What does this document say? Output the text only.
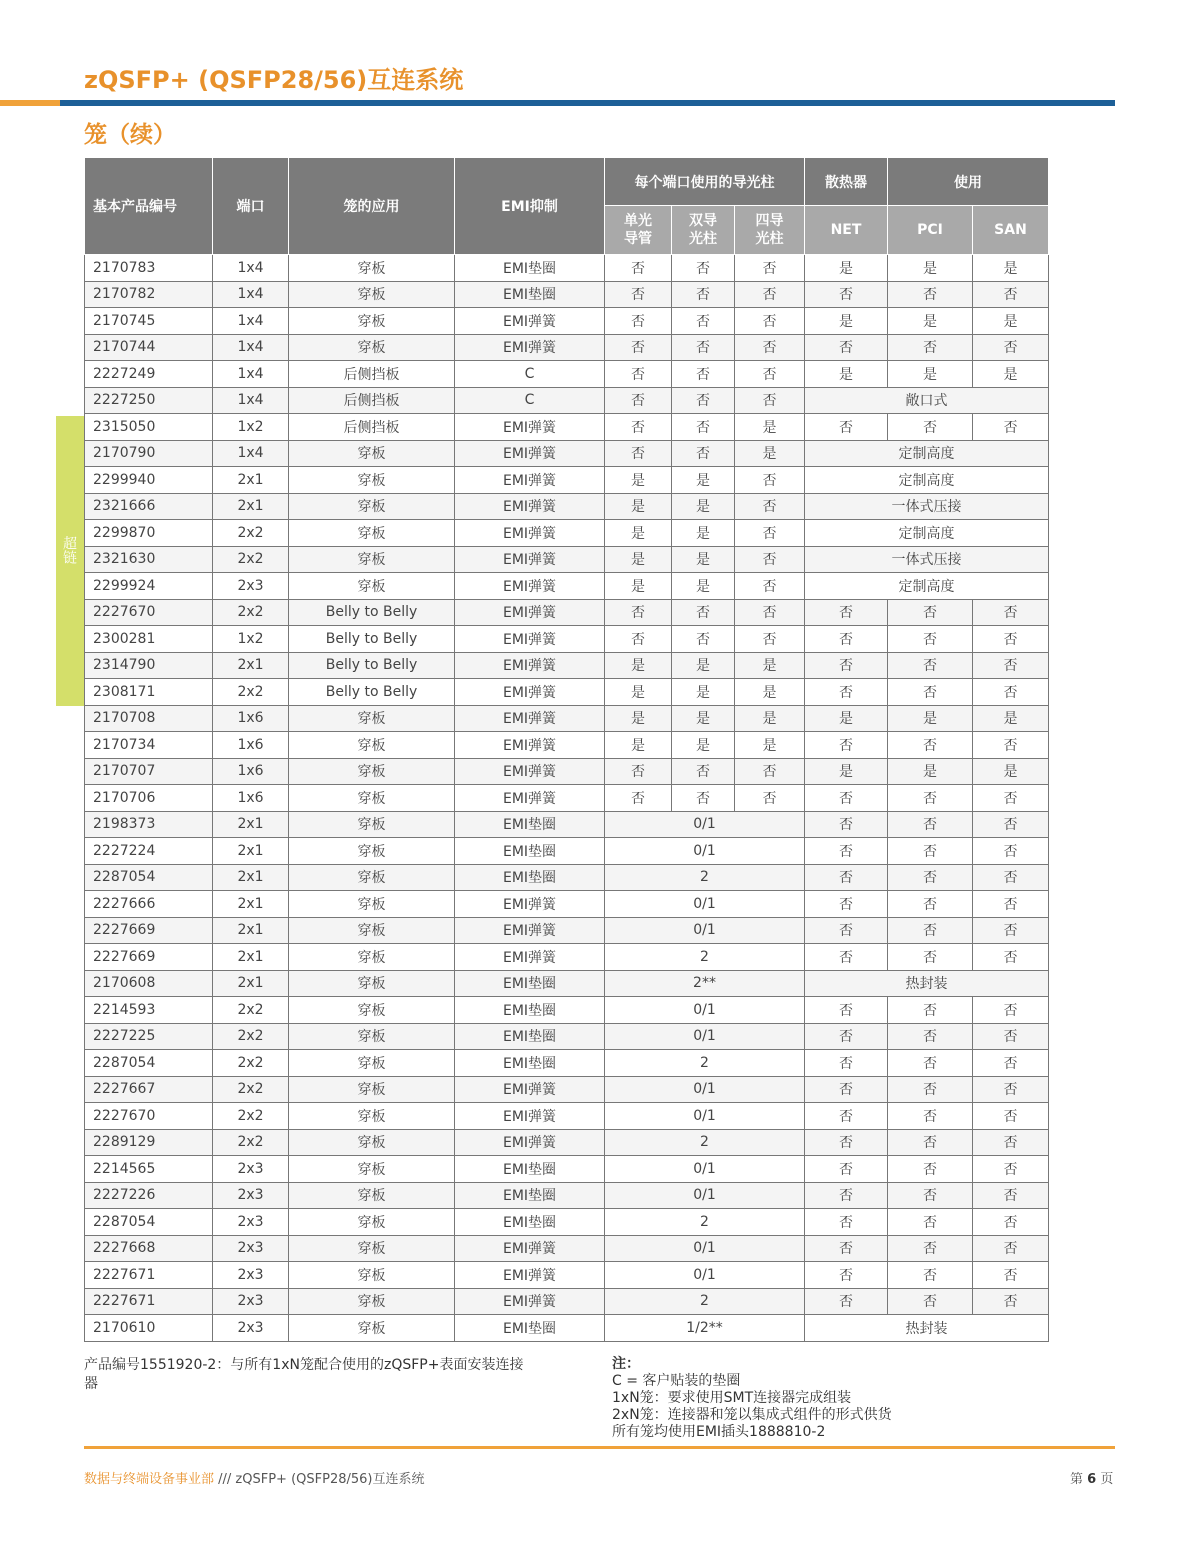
zQSFP+ (QSFP28/56)互连系统
笼（续）
超链
基本产品编号	端口	笼的应用	EMI抑制	每个端口使用的导光柱			散热器	使用	

				单光导管	双导光柱	四导光柱	NET	PCI	SAN
2170783	1x4	穿板	EMI垫圈	否	否	否	是	是	是
2170782	1x4	穿板	EMI垫圈	否	否	否	否	否	否
2170745	1x4	穿板	EMI弹簧	否	否	否	是	是	是
2170744	1x4	穿板	EMI弹簧	否	否	否	否	否	否
2227249	1x4	后侧挡板	C	否	否	否	是	是	是
2227250	1x4	后侧挡板	C	否	否	否	敞口式		
2315050	1x2	后侧挡板	EMI弹簧	否	否	是	否	否	否
2170790	1x4	穿板	EMI弹簧	否	否	是	定制高度		
2299940	2x1	穿板	EMI弹簧	是	是	否	定制高度		
2321666	2x1	穿板	EMI弹簧	是	是	否	一体式压接		
2299870	2x2	穿板	EMI弹簧	是	是	否	定制高度		
2321630	2x2	穿板	EMI弹簧	是	是	否	一体式压接		
2299924	2x3	穿板	EMI弹簧	是	是	否	定制高度		
2227670	2x2	Belly to Belly	EMI弹簧	否	否	否	否	否	否
2300281	1x2	Belly to Belly	EMI弹簧	否	否	否	否	否	否
2314790	2x1	Belly to Belly	EMI弹簧	是	是	是	否	否	否
2308171	2x2	Belly to Belly	EMI弹簧	是	是	是	否	否	否
2170708	1x6	穿板	EMI弹簧	是	是	是	是	是	是
2170734	1x6	穿板	EMI弹簧	是	是	是	否	否	否
2170707	1x6	穿板	EMI弹簧	否	否	否	是	是	是
2170706	1x6	穿板	EMI弹簧	否	否	否	否	否	否
2198373	2x1	穿板	EMI垫圈	0/1			否	否	否
2227224	2x1	穿板	EMI垫圈	0/1			否	否	否
2287054	2x1	穿板	EMI垫圈	2			否	否	否
2227666	2x1	穿板	EMI弹簧	0/1			否	否	否
2227669	2x1	穿板	EMI弹簧	0/1			否	否	否
2227669	2x1	穿板	EMI弹簧	2			否	否	否
2170608	2x1	穿板	EMI垫圈	2**			热封装		
2214593	2x2	穿板	EMI垫圈	0/1			否	否	否
2227225	2x2	穿板	EMI垫圈	0/1			否	否	否
2287054	2x2	穿板	EMI垫圈	2			否	否	否
2227667	2x2	穿板	EMI弹簧	0/1			否	否	否
2227670	2x2	穿板	EMI弹簧	0/1			否	否	否
2289129	2x2	穿板	EMI弹簧	2			否	否	否
2214565	2x3	穿板	EMI垫圈	0/1			否	否	否
2227226	2x3	穿板	EMI垫圈	0/1			否	否	否
2287054	2x3	穿板	EMI垫圈	2			否	否	否
2227668	2x3	穿板	EMI弹簧	0/1			否	否	否
2227671	2x3	穿板	EMI弹簧	0/1			否	否	否
2227671	2x3	穿板	EMI弹簧	2			否	否	否
2170610	2x3	穿板	EMI垫圈	1/2**			热封装		
产品编号1551920-2：与所有1xN笼配合使用的zQSFP+表面安装连接器
注：
C = 客户贴装的垫圈
1xN笼：要求使用SMT连接器完成组装
2xN笼：连接器和笼以集成式组件的形式供货
所有笼均使用EMI插头1888810-2
数据与终端设备事业部 /// zQSFP+ (QSFP28/56)互连系统	第 6 页
